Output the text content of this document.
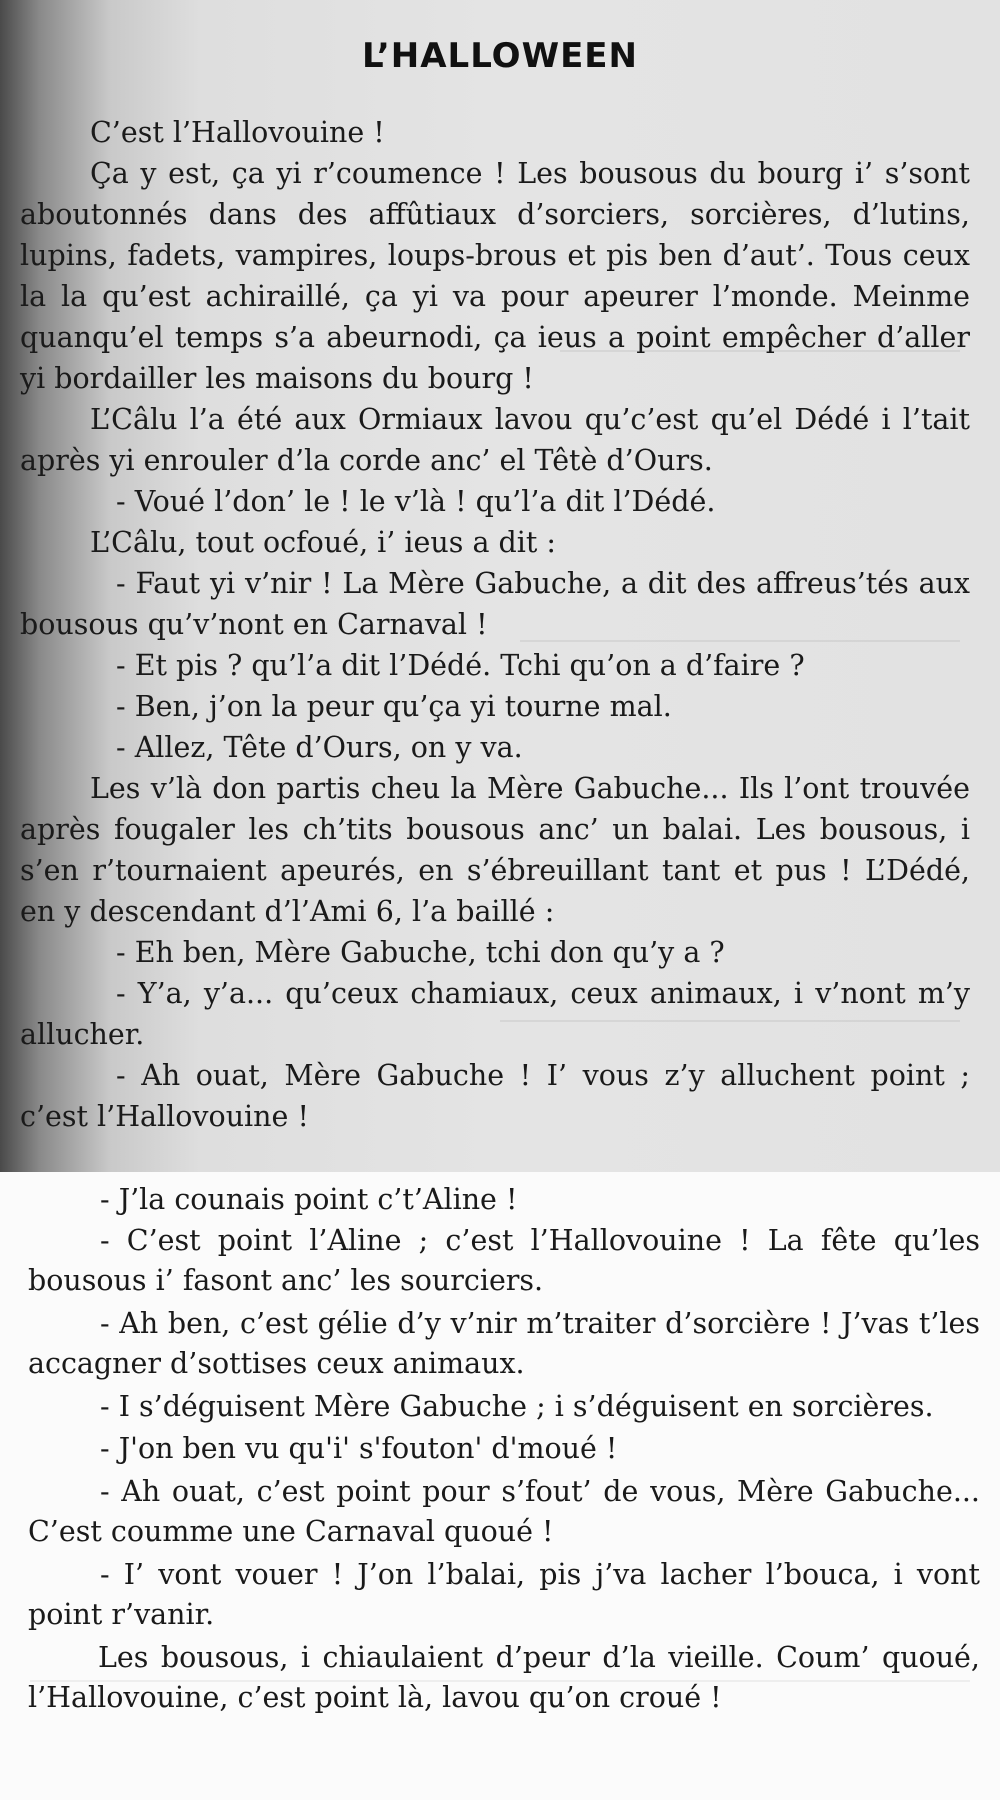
L’HALLOWEEN

C’est l’Hallovouine !

Ça y est, ça yi r’coumence ! Les bousous du bourg i’ s’sont aboutonnés dans des affûtiaux d’sorciers, sorcières, d’lutins, lupins, fadets, vampires, loups-brous et pis ben d’aut’. Tous ceux la la qu’est achiraillé, ça yi va pour apeurer l’monde. Meinme quanqu’el temps s’a abeurnodi, ça ieus a point empêcher d’aller yi bordailler les maisons du bourg !

L’Câlu l’a été aux Ormiaux lavou qu’c’est qu’el Dédé i l’tait après yi enrouler d’la corde anc’ el Têtè d’Ours.

- Voué l’don’ le ! le v’là ! qu’l’a dit l’Dédé.

L’Câlu, tout ocfoué, i’ ieus a dit :

- Faut yi v’nir ! La Mère Gabuche, a dit des affreus’tés aux bousous qu’v’nont en Carnaval !

- Et pis ? qu’l’a dit l’Dédé. Tchi qu’on a d’faire ?

- Ben, j’on la peur qu’ça yi tourne mal.

- Allez, Tête d’Ours, on y va.

Les v’là don partis cheu la Mère Gabuche... Ils l’ont trouvée après fougaler les ch’tits bousous anc’ un balai. Les bousous, i s’en r’tournaient apeurés, en s’ébreuillant tant et pus ! L’Dédé, en y descendant d’l’Ami 6, l’a baillé :

- Eh ben, Mère Gabuche, tchi don qu’y a ?

- Y’a, y’a... qu’ceux chamiaux, ceux animaux, i v’nont m’y allucher.

- Ah ouat, Mère Gabuche ! I’ vous z’y alluchent point ; c’est l’Hallovouine !

- J’la counais point c’t’Aline !

- C’est point l’Aline ; c’est l’Hallovouine ! La fête qu’les bousous i’ fasont anc’ les sourciers.

- Ah ben, c’est gélie d’y v’nir m’traiter d’sorcière ! J’vas t’les accagner d’sottises ceux animaux.

- I s’déguisent Mère Gabuche ; i s’déguisent en sorcières.

- J'on ben vu qu'i' s'fouton' d'moué !

- Ah ouat, c’est point pour s’fout’ de vous, Mère Gabuche... C’est coumme une Carnaval quoué !

- I’ vont vouer ! J’on l’balai, pis j’va lacher l’bouca, i vont point r’vanir.

Les bousous, i chiaulaient d’peur d’la vieille. Coum’ quoué, l’Hallovouine, c’est point là, lavou qu’on croué !
